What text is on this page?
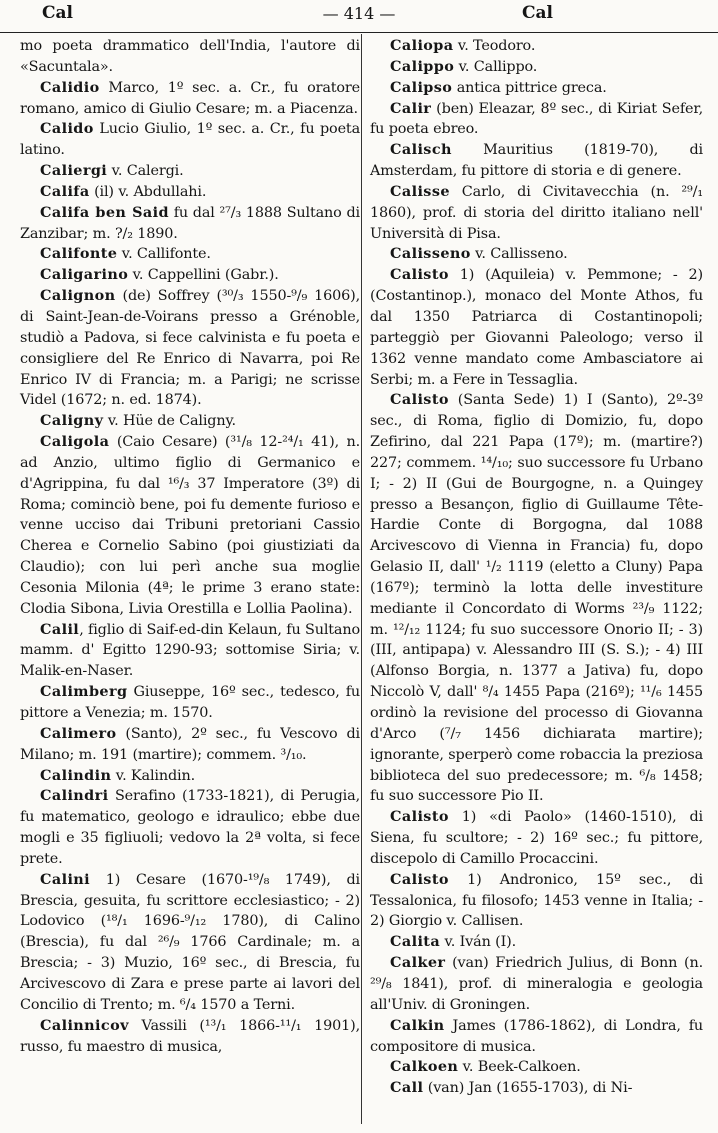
Cal	— 414 —	Cal

mo poeta drammatico dell'India, l'autore di «Sacuntala».

Calidio Marco, 1º sec. a. Cr., fu oratore romano, amico di Giulio Cesare; m. a Piacenza.

Calido Lucio Giulio, 1º sec. a. Cr., fu poeta latino.

Caliergi v. Calergi.

Califa (il) v. Abdullahi.

Califa ben Said fu dal ²⁷/₃ 1888 Sultano di Zanzibar; m. ?/₂ 1890.

Califonte v. Callifonte.

Caligarino v. Cappellini (Gabr.).

Calignon (de) Soffrey (³⁰/₃ 1550-⁹/₉ 1606), di Saint-Jean-de-Voirans presso a Grénoble, studiò a Padova, si fece calvinista e fu poeta e consigliere del Re Enrico di Navarra, poi Re Enrico IV di Francia; m. a Parigi; ne scrisse Videl (1672; n. ed. 1874).

Caligny v. Hüe de Caligny.

Caligola (Caio Cesare) (³¹/₈ 12-²⁴/₁ 41), n. ad Anzio, ultimo figlio di Germanico e d'Agrippina, fu dal ¹⁶/₃ 37 Imperatore (3º) di Roma; cominciò bene, poi fu demente furioso e venne ucciso dai Tribuni pretoriani Cassio Cherea e Cornelio Sabino (poi giustiziati da Claudio); con lui perì anche sua moglie Cesonia Milonia (4ª; le prime 3 erano state: Clodia Sibona, Livia Orestilla e Lollia Paolina).

Calil, figlio di Saif-ed-din Kelaun, fu Sultano mamm. d' Egitto 1290-93; sottomise Siria; v. Malik-en-Naser.

Calimberg Giuseppe, 16º sec., tedesco, fu pittore a Venezia; m. 1570.

Calimero (Santo), 2º sec., fu Vescovo di Milano; m. 191 (martire); commem. ³/₁₀.

Calindin v. Kalindin.

Calindri Serafino (1733-1821), di Perugia, fu matematico, geologo e idraulico; ebbe due mogli e 35 figliuoli; vedovo la 2ª volta, si fece prete.

Calini 1) Cesare (1670-¹⁹/₈ 1749), di Brescia, gesuita, fu scrittore ecclesiastico; - 2) Lodovico (¹⁸/₁ 1696-⁹/₁₂ 1780), di Calino (Brescia), fu dal ²⁶/₉ 1766 Cardinale; m. a Brescia; - 3) Muzio, 16º sec., di Brescia, fu Arcivescovo di Zara e prese parte ai lavori del Concilio di Trento; m. ⁶/₄ 1570 a Terni.

Calinnicov Vassili (¹³/₁ 1866-¹¹/₁ 1901), russo, fu maestro di musica,

Caliopa v. Teodoro.

Calippo v. Callippo.

Calipso antica pittrice greca.

Calir (ben) Eleazar, 8º sec., di Kiriat Sefer, fu poeta ebreo.

Calisch Mauritius (1819-70), di Amsterdam, fu pittore di storia e di genere.

Calisse Carlo, di Civitavecchia (n. ²⁹/₁ 1860), prof. di storia del diritto italiano nell' Università di Pisa.

Calisseno v. Callisseno.

Calisto 1) (Aquileia) v. Pemmone; - 2) (Costantinop.), monaco del Monte Athos, fu dal 1350 Patriarca di Costantinopoli; parteggiò per Giovanni Paleologo; verso il 1362 venne mandato come Ambasciatore ai Serbi; m. a Fere in Tessaglia.

Calisto (Santa Sede) 1) I (Santo), 2º-3º sec., di Roma, figlio di Domizio, fu, dopo Zefirino, dal 221 Papa (17º); m. (martire?) 227; commem. ¹⁴/₁₀; suo successore fu Urbano I; - 2) II (Gui de Bourgogne, n. a Quingey presso a Besançon, figlio di Guillaume Tête-Hardie Conte di Borgogna, dal 1088 Arcivescovo di Vienna in Francia) fu, dopo Gelasio II, dall' ¹/₂ 1119 (eletto a Cluny) Papa (167º); terminò la lotta delle investiture mediante il Concordato di Worms ²³/₉ 1122; m. ¹²/₁₂ 1124; fu suo successore Onorio II; - 3) (III, antipapa) v. Alessandro III (S. S.); - 4) III (Alfonso Borgia, n. 1377 a Jativa) fu, dopo Niccolò V, dall' ⁸/₄ 1455 Papa (216º); ¹¹/₆ 1455 ordinò la revisione del processo di Giovanna d'Arco (⁷/₇ 1456 dichiarata martire); ignorante, sperperò come robaccia la preziosa biblioteca del suo predecessore; m. ⁶/₈ 1458; fu suo successore Pio II.

Calisto 1) «di Paolo» (1460-1510), di Siena, fu scultore; - 2) 16º sec.; fu pittore, discepolo di Camillo Procaccini.

Calisto 1) Andronico, 15º sec., di Tessalonica, fu filosofo; 1453 venne in Italia; - 2) Giorgio v. Callisen.

Calita v. Iván (I).

Calker (van) Friedrich Julius, di Bonn (n. ²⁹/₈ 1841), prof. di mineralogia e geologia all'Univ. di Groningen.

Calkin James (1786-1862), di Londra, fu compositore di musica.

Calkoen v. Beek-Calkoen.

Call (van) Jan (1655-1703), di Ni-
